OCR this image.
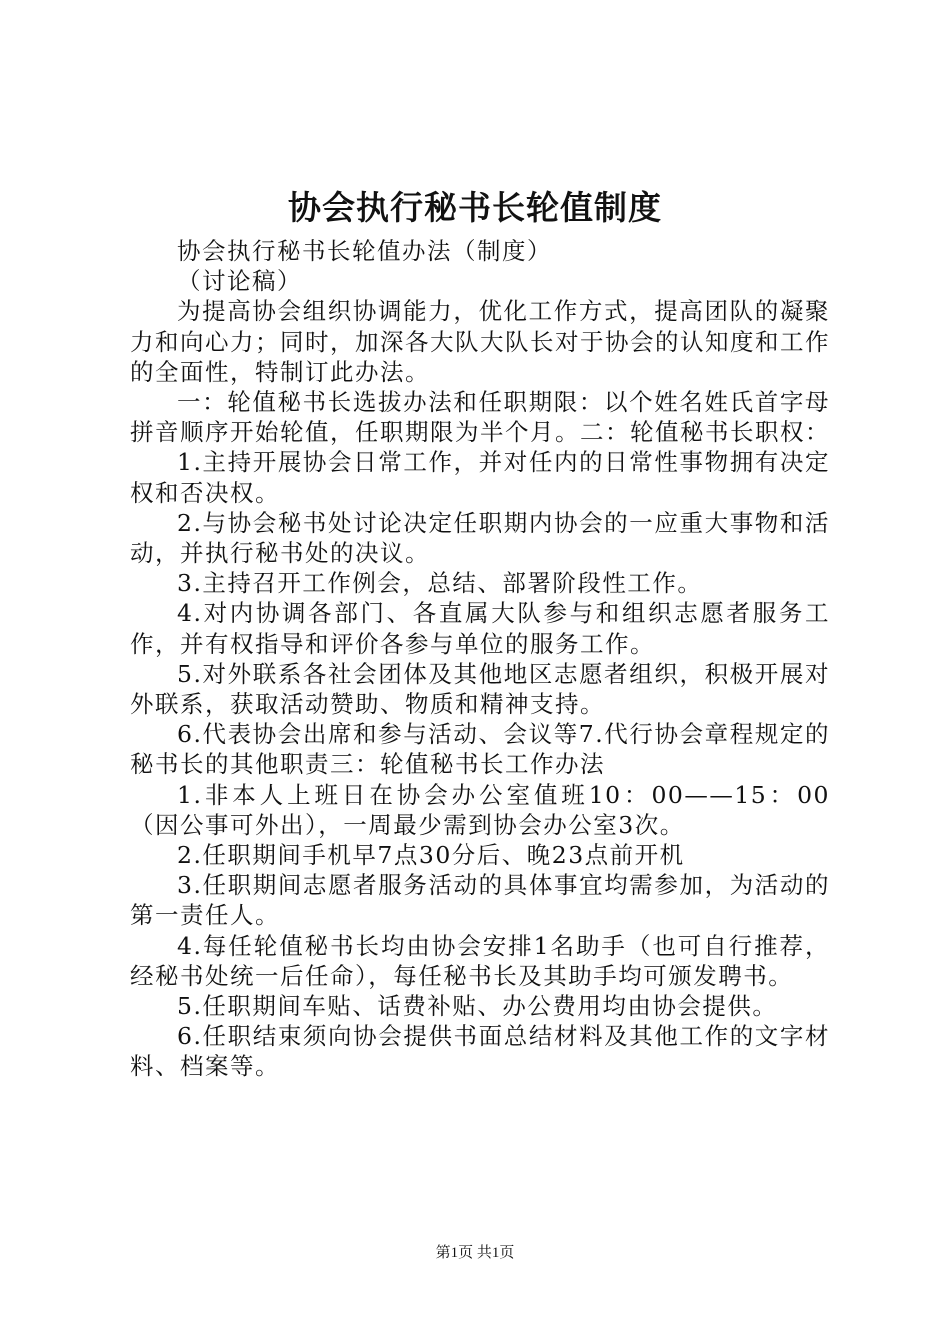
协会执行秘书长轮值制度

协会执行秘书长轮值办法（制度）

（讨论稿）

为提高协会组织协调能力，优化工作方式，提高团队的凝聚力和向心力；同时，加深各大队大队长对于协会的认知度和工作的全面性，特制订此办法。

一：轮值秘书长选拔办法和任职期限：以个姓名姓氏首字母拼音顺序开始轮值，任职期限为半个月。二：轮值秘书长职权：

1.主持开展协会日常工作，并对任内的日常性事物拥有决定权和否决权。

2.与协会秘书处讨论决定任职期内协会的一应重大事物和活动，并执行秘书处的决议。

3.主持召开工作例会，总结、部署阶段性工作。

4.对内协调各部门、各直属大队参与和组织志愿者服务工作，并有权指导和评价各参与单位的服务工作。

5.对外联系各社会团体及其他地区志愿者组织，积极开展对外联系，获取活动赞助、物质和精神支持。

6.代表协会出席和参与活动、会议等7.代行协会章程规定的秘书长的其他职责三：轮值秘书长工作办法

1.非本人上班日在协会办公室值班10：00——15：00（因公事可外出），一周最少需到协会办公室3次。

2.任职期间手机早7点30分后、晚23点前开机

3.任职期间志愿者服务活动的具体事宜均需参加，为活动的第一责任人。

4.每任轮值秘书长均由协会安排1名助手（也可自行推荐，经秘书处统一后任命），每任秘书长及其助手均可颁发聘书。

5.任职期间车贴、话费补贴、办公费用均由协会提供。

6.任职结束须向协会提供书面总结材料及其他工作的文字材料、档案等。

第1页 共1页
